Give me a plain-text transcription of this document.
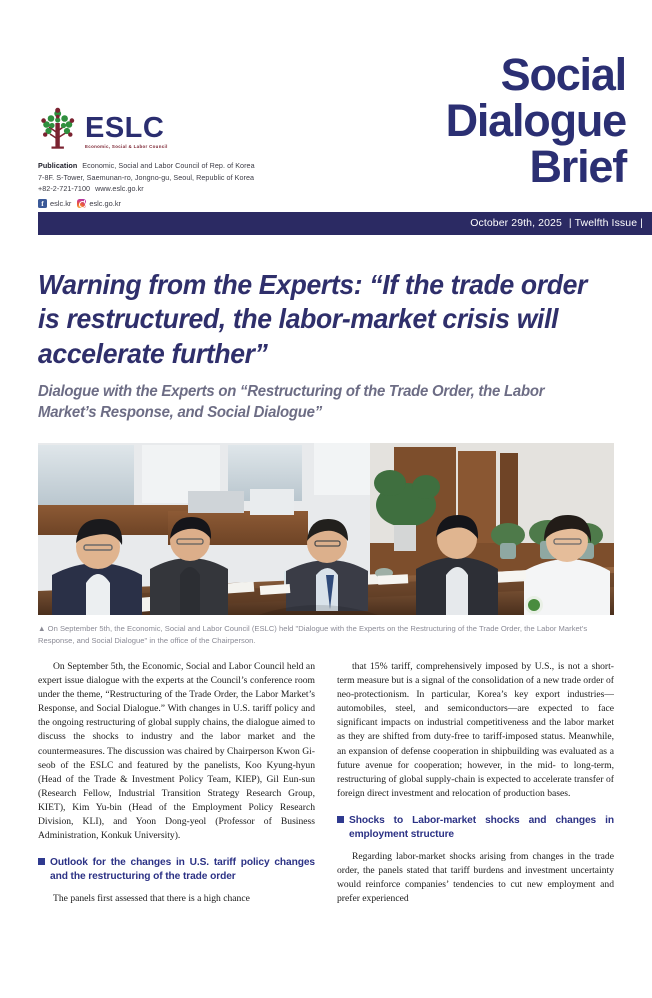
ESLC
Economic, Social & Labor Council
Publication Economic, Social and Labor Council of Rep. of Korea
7-8F. S-Tower, Saemunan-ro, Jongno-gu, Seoul, Republic of Korea
+82-2-721-7100 www.eslc.go.kr
f eslc.kr eslc.go.kr
Social
Dialogue
Brief
October 29th, 2025 | Twelfth Issue |
Warning from the Experts: “If the trade order is restructured, the labor-market crisis will accelerate further”
Dialogue with the Experts on “Restructuring of the Trade Order, the Labor Market’s Response, and Social Dialogue”
▲ On September 5th, the Economic, Social and Labor Council (ESLC) held "Dialogue with the Experts on the Restructuring of the Trade Order, the Labor Market's Response, and Social Dialogue" in the office of the Chairperson.

On September 5th, the Economic, Social and Labor Council held an expert issue dialogue with the experts at the Council’s conference room under the theme, “Restructuring of the Trade Order, the Labor Market’s Response, and Social Dialogue.” With changes in U.S. tariff policy and the ongoing restructuring of global supply chains, the dialogue aimed to discuss the shocks to industry and the labor market and the countermeasures. The discussion was chaired by Chairperson Kwon Gi-seob of the ESLC and featured by the panelists, Koo Kyung-hyun (Head of the Trade & Investment Policy Team, KIEP), Gil Eun-sun (Research Fellow, Industrial Transition Strategy Research Group, KIET), Kim Yu-bin (Head of the Employment Policy Research Division, KLI), and Yoon Dong-yeol (Professor of Business Administration, Konkuk University).

Outlook for the changes in U.S. tariff policy changes and the restructuring of the trade order

The panels first assessed that there is a high chance

that 15% tariff, comprehensively imposed by U.S., is not a short-term measure but is a signal of the consolidation of a new trade order of neo-protectionism. In particular, Korea’s key export industries—automobiles, steel, and semiconductors—are expected to face significant impacts on industrial competitiveness and the labor market as they are shifted from duty-free to tariff-imposed status. Meanwhile, an expansion of defense cooperation in shipbuilding was evaluated as a future avenue for cooperation; however, in the mid- to long-term, restructuring of global supply-chain is expected to accelerate transfer of foreign direct investment and relocation of production bases.

Shocks to Labor-market shocks and changes in employment structure

Regarding labor-market shocks arising from changes in the trade order, the panels stated that tariff burdens and investment uncertainty would reinforce companies’ tendencies to cut new employment and prefer experienced
